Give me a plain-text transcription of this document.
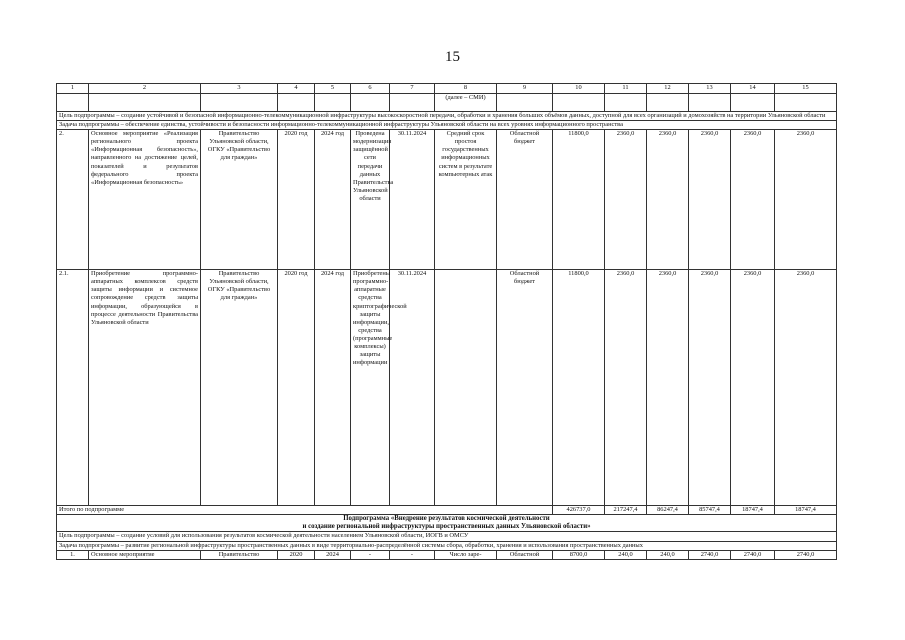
15
1	2	3	4	5	6	7	8	9	10	11	12	13	14	15
							(далее – СМИ)							
Цель подпрограммы – создание устойчивой и безопасной информационно-телекоммуникационной инфраструктуры высокоскоростной передачи, обработки и хранения больших объёмов данных, доступной для всех организаций и домохозяйств на территории Ульяновской области														
Задача подпрограммы – обеспечение единства, устойчивости и безопасности информационно-телекоммуникационной инфраструктуры Ульяновской области на всех уровнях информационного пространства														
2.	Основное мероприятие «Реализация регионального проекта «Информационная безопасность», направленного на достижение целей, показателей и результатов федерального проекта «Информационная безопасность»	Правительство Ульяновской области, ОГКУ «Правительство для граждан»	2020 год	2024 год	Проведена модернизация защищённой сети передачи данных Правительства Ульяновской области	30.11.2024	Средний срок простоя государственных информационных систем в результате компьютерных атак	Областной бюджет	11800,0	2360,0	2360,0	2360,0	2360,0	2360,0
2.1.	Приобретение программно-аппаратных комплексов средств защиты информации и системное сопровождение средств защиты информации, образующейся в процессе деятельности Правительства Ульяновской области	Правительство Ульяновской области, ОГКУ «Правительство для граждан»	2020 год	2024 год	Приобретены программно-аппаратные средства криптографической защиты информации, средства (программные комплексы) защиты информации	30.11.2024		Областной бюджет	11800,0	2360,0	2360,0	2360,0	2360,0	2360,0
Итого по подпрограмме									426737,0	217247,4	86247,4	85747,4	18747,4	18747,4

Подпрограмма «Внедрение результатов космической деятельности
и создание региональной инфраструктуры пространственных данных Ульяновской области»														

Цель подпрограммы – создание условий для использования результатов космической деятельности населением Ульяновской области, ИОГВ и ОМСУ														
Задача подпрограммы – развитие региональной инфраструктуры пространственных данных в виде территориально-распределённой системы сбора, обработки, хранения и использования пространственных данных														
1.	Основное мероприятие	Правительство	2020	2024	-	-	Число заре-	Областной	8700,0	240,0	240,0	2740,0	2740,0	2740,0
